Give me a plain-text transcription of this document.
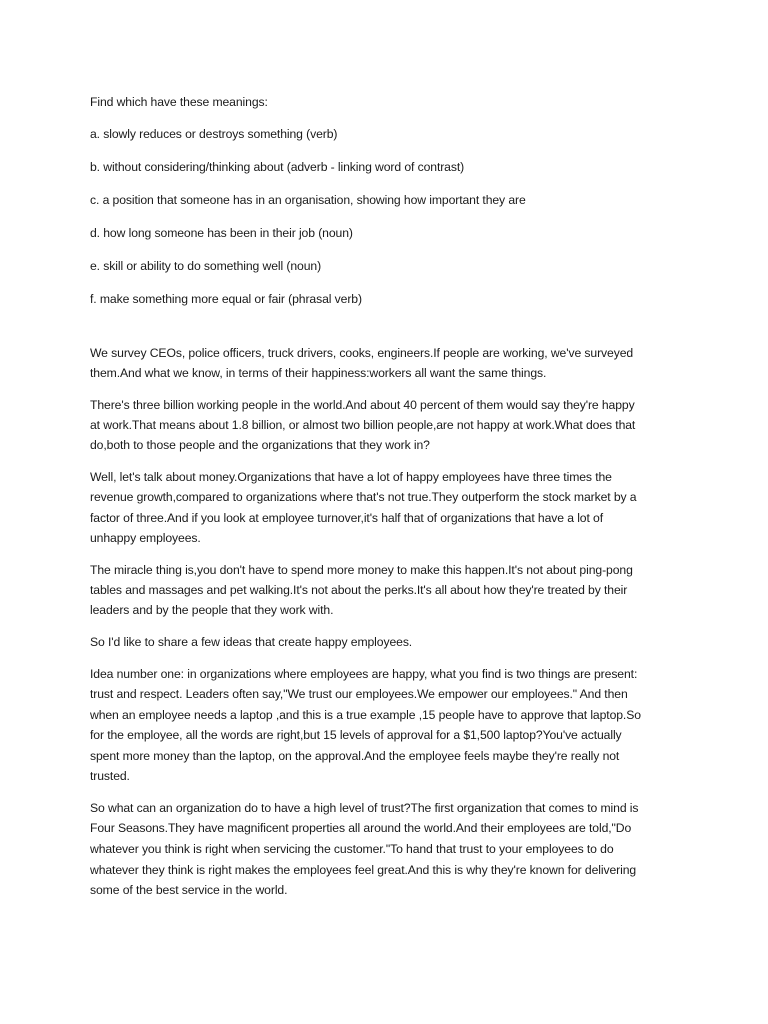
Find which have these meanings:

a. slowly reduces or destroys something (verb)

b. without considering/thinking about (adverb - linking word of contrast)

c. a position that someone has in an organisation, showing how important they are

d. how long someone has been in their job (noun)

e. skill or ability to do something well (noun)

f. make something more equal or fair (phrasal verb)

We survey CEOs, police officers, truck drivers, cooks, engineers.If people are working, we've surveyed

them.And what we know, in terms of their happiness:workers all want the same things.

There's three billion working people in the world.And about 40 percent of them would say they're happy

at work.That means about 1.8 billion, or almost two billion people,are not happy at work.What does that

do,both to those people and the organizations that they work in?

Well, let's talk about money.Organizations that have a lot of happy employees have three times the

revenue growth,compared to organizations where that's not true.They outperform the stock market by a

factor of three.And if you look at employee turnover,it's half that of organizations that have a lot of

unhappy employees.

The miracle thing is,you don't have to spend more money to make this happen.It's not about ping-pong

tables and massages and pet walking.It's not about the perks.It's all about how they're treated by their

leaders and by the people that they work with.

So I'd like to share a few ideas that create happy employees.

Idea number one: in organizations where employees are happy, what you find is two things are present:

trust and respect. Leaders often say,"We trust our employees.We empower our employees." And then

when an employee needs a laptop ,and this is a true example ,15 people have to approve that laptop.So

for the employee, all the words are right,but 15 levels of approval for a $1,500 laptop?You've actually

spent more money than the laptop, on the approval.And the employee feels maybe they're really not

trusted.

So what can an organization do to have a high level of trust?The first organization that comes to mind is

Four Seasons.They have magnificent properties all around the world.And their employees are told,"Do

whatever you think is right when servicing the customer."To hand that trust to your employees to do

whatever they think is right makes the employees feel great.And this is why they're known for delivering

some of the best service in the world.
